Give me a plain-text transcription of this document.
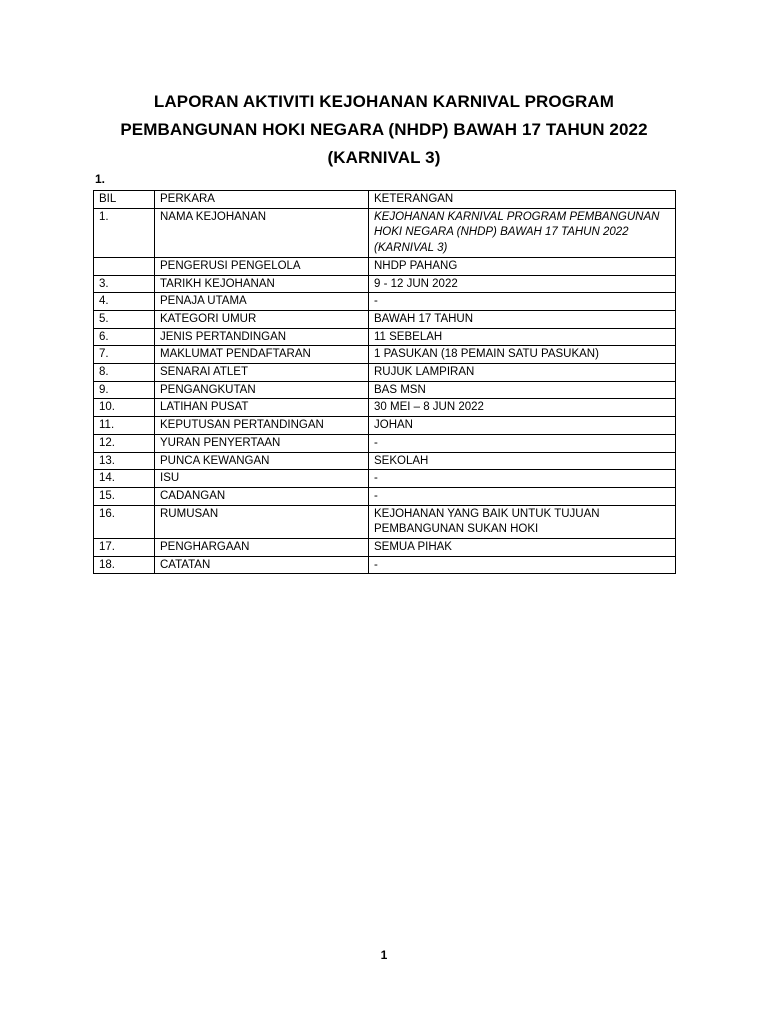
LAPORAN AKTIVITI KEJOHANAN KARNIVAL PROGRAM
PEMBANGUNAN HOKI NEGARA (NHDP) BAWAH 17 TAHUN 2022
(KARNIVAL 3)
1.
BIL	PERKARA	KETERANGAN
1.	NAMA KEJOHANAN	KEJOHANAN KARNIVAL PROGRAM PEMBANGUNAN HOKI NEGARA (NHDP) BAWAH 17 TAHUN 2022 (KARNIVAL 3)
	PENGERUSI PENGELOLA	NHDP PAHANG
3.	TARIKH KEJOHANAN	9 - 12 JUN 2022
4.	PENAJA UTAMA	-
5.	KATEGORI UMUR	BAWAH 17 TAHUN
6.	JENIS PERTANDINGAN	11 SEBELAH
7.	MAKLUMAT PENDAFTARAN	1 PASUKAN (18 PEMAIN SATU PASUKAN)
8.	SENARAI ATLET	RUJUK LAMPIRAN
9.	PENGANGKUTAN	BAS MSN
10.	LATIHAN PUSAT	30 MEI – 8 JUN 2022
11.	KEPUTUSAN PERTANDINGAN	JOHAN
12.	YURAN PENYERTAAN	-
13.	PUNCA KEWANGAN	SEKOLAH
14.	ISU	-
15.	CADANGAN	-
16.	RUMUSAN	KEJOHANAN YANG BAIK UNTUK TUJUAN PEMBANGUNAN SUKAN HOKI
17.	PENGHARGAAN	SEMUA PIHAK
18.	CATATAN	-
1
